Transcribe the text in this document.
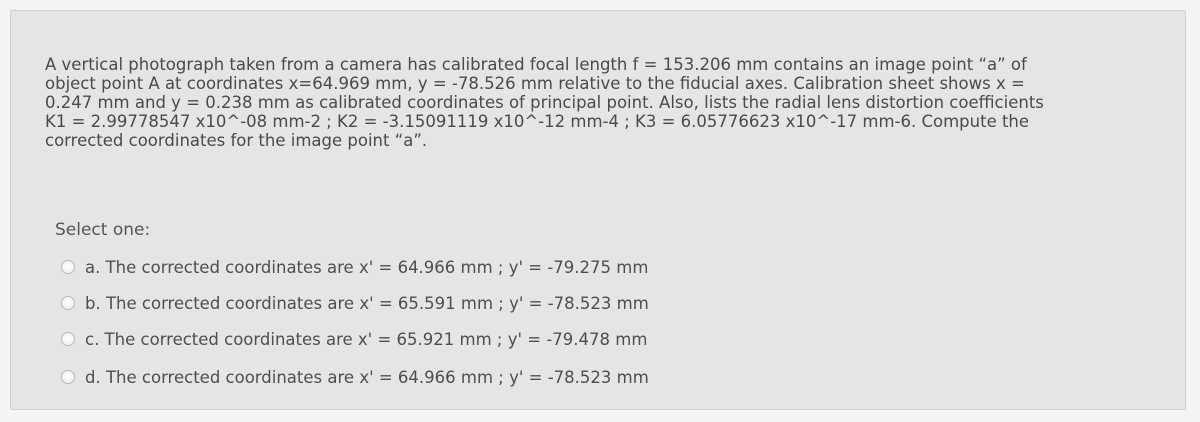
A vertical photograph taken from a camera has calibrated focal length f = 153.206 mm contains an image point “a” of
object point A at coordinates x=64.969 mm, y = -78.526 mm relative to the fiducial axes. Calibration sheet shows x =
0.247 mm and y = 0.238 mm as calibrated coordinates of principal point. Also, lists the radial lens distortion coefficients
K1 = 2.99778547 x10^-08 mm-2 ; K2 = -3.15091119 x10^-12 mm-4 ; K3 = 6.05776623 x10^-17 mm-6. Compute the
corrected coordinates for the image point “a”.
Select one:
a. The corrected coordinates are x' = 64.966 mm ; y' = -79.275 mm
b. The corrected coordinates are x' = 65.591 mm ; y' = -78.523 mm
c. The corrected coordinates are x' = 65.921 mm ; y' = -79.478 mm
d. The corrected coordinates are x' = 64.966 mm ; y' = -78.523 mm
